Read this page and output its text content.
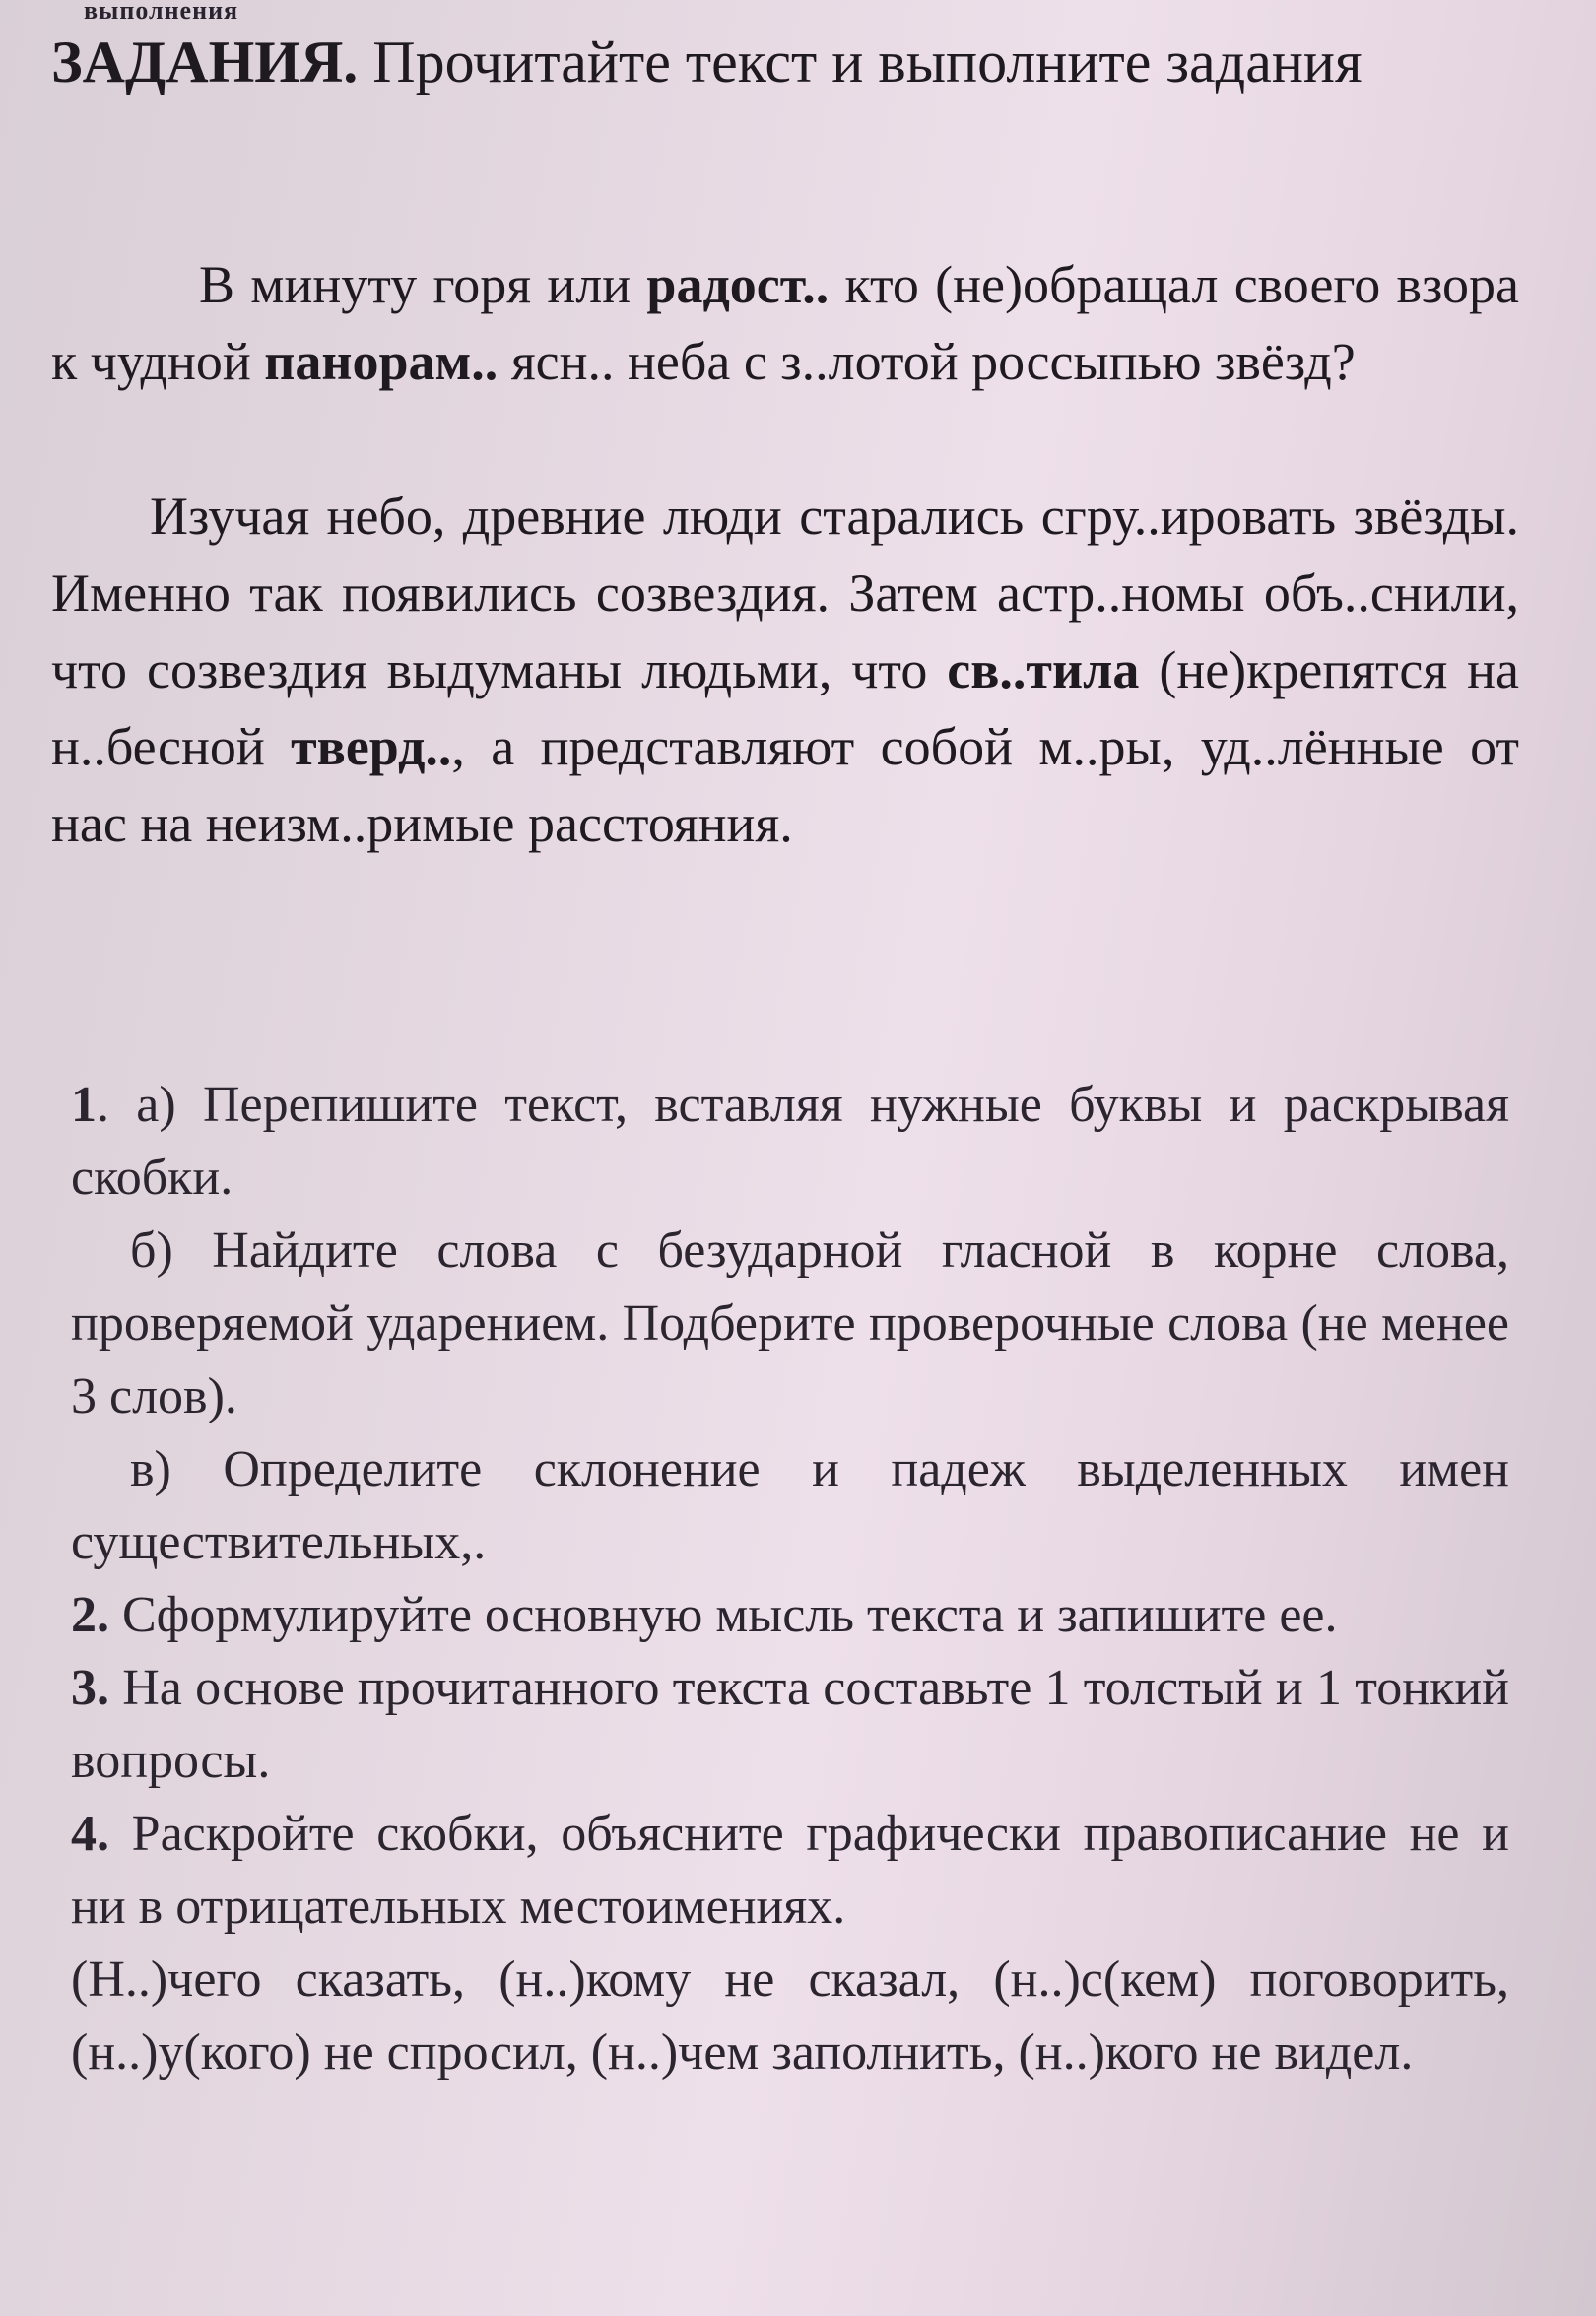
выполнения
ЗАДАНИЯ. Прочитайте текст и выполните задания
В минуту горя или радост.. кто (не)обращал своего взора к чудной панорам.. ясн.. неба с з..лотой россыпью звёзд?
Изучая небо, древние люди старались сгру..ировать звёзды. Именно так появились созвездия. Затем астр..номы объ..снили, что созвездия выдуманы людьми, что св..тила (не)крепятся на н..бесной тверд.., а представляют собой м..ры, уд..лённые от нас на неизм..римые расстояния.

1. а) Перепишите текст, вставляя нужные буквы и раскрывая скобки.

б) Найдите слова с безударной гласной в корне слова, проверяемой ударением. Подберите проверочные слова (не менее 3 слов).

в) Определите склонение и падеж выделенных имен существительных,.

2. Сформулируйте основную мысль текста и запишите ее.

3. На основе прочитанного текста составьте 1 толстый и 1 тонкий вопросы.

4. Раскройте скобки, объясните графически правописание не и ни в отрицательных местоимениях.

(Н..)чего сказать, (н..)кому не сказал, (н..)с(кем) поговорить, (н..)у(кого) не спросил, (н..)чем заполнить, (н..)кого не видел.
